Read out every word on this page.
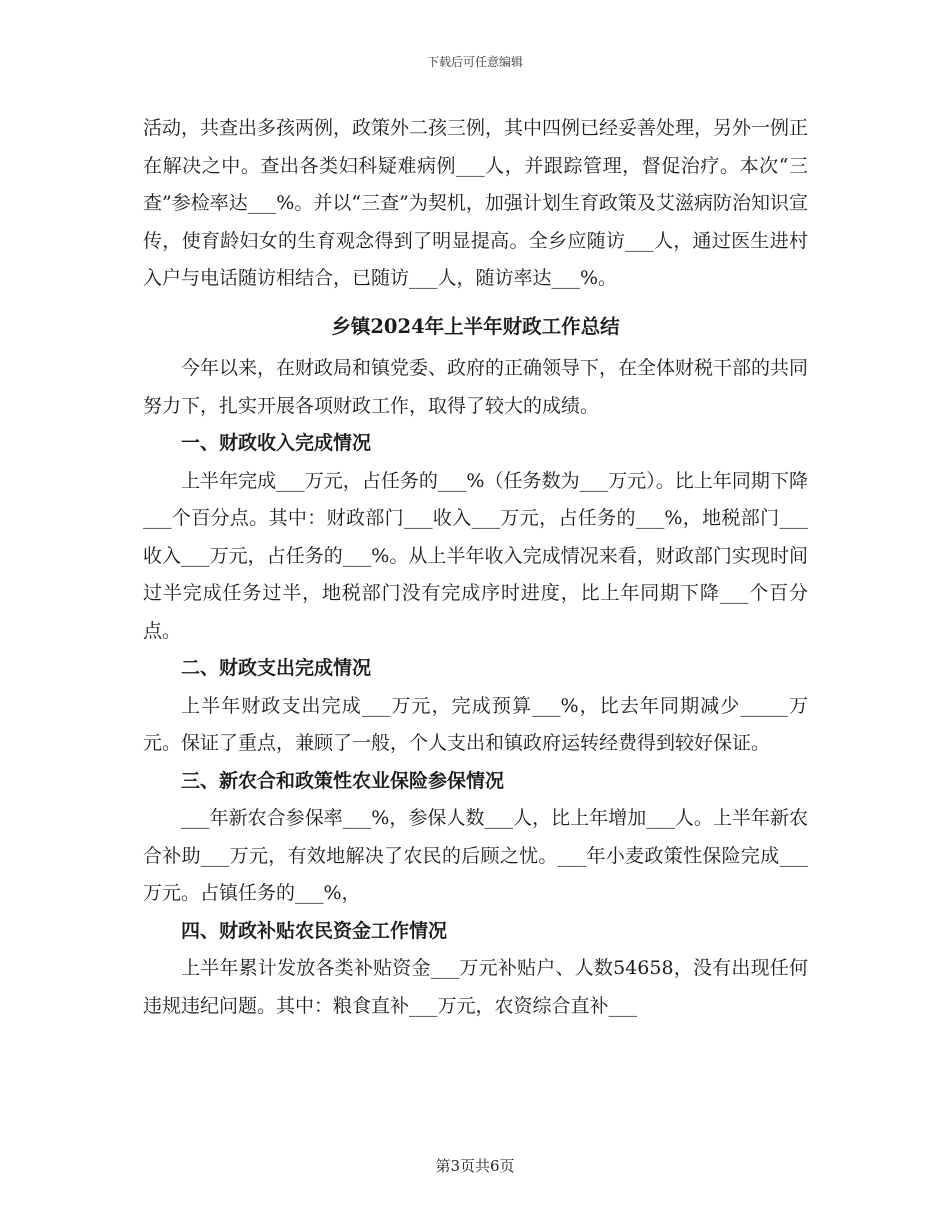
下载后可任意编辑

活动，共查出多孩两例，政策外二孩三例，其中四例已经妥善处理，另外一例正在解决之中。查出各类妇科疑难病例___人，并跟踪管理，督促治疗。本次“三查”参检率达___%。并以“三查”为契机，加强计划生育政策及艾滋病防治知识宣传，使育龄妇女的生育观念得到了明显提高。全乡应随访___人，通过医生进村入户与电话随访相结合，已随访___人，随访率达___%。

乡镇2024年上半年财政工作总结

今年以来，在财政局和镇党委、政府的正确领导下，在全体财税干部的共同努力下，扎实开展各项财政工作，取得了较大的成绩。

一、财政收入完成情况

上半年完成___万元，占任务的___%（任务数为___万元）。比上年同期下降___个百分点。其中：财政部门___收入___万元，占任务的___%，地税部门___收入___万元，占任务的___%。从上半年收入完成情况来看，财政部门实现时间过半完成任务过半，地税部门没有完成序时进度，比上年同期下降___个百分点。

二、财政支出完成情况

上半年财政支出完成___万元，完成预算___%，比去年同期减少_____万元。保证了重点，兼顾了一般，个人支出和镇政府运转经费得到较好保证。

三、新农合和政策性农业保险参保情况

___年新农合参保率___%，参保人数___人，比上年增加___人。上半年新农合补助___万元，有效地解决了农民的后顾之忧。___年小麦政策性保险完成___万元。占镇任务的___%，

四、财政补贴农民资金工作情况

上半年累计发放各类补贴资金___万元补贴户、人数54658，没有出现任何违规违纪问题。其中：粮食直补___万元，农资综合直补___

第3页共6页
